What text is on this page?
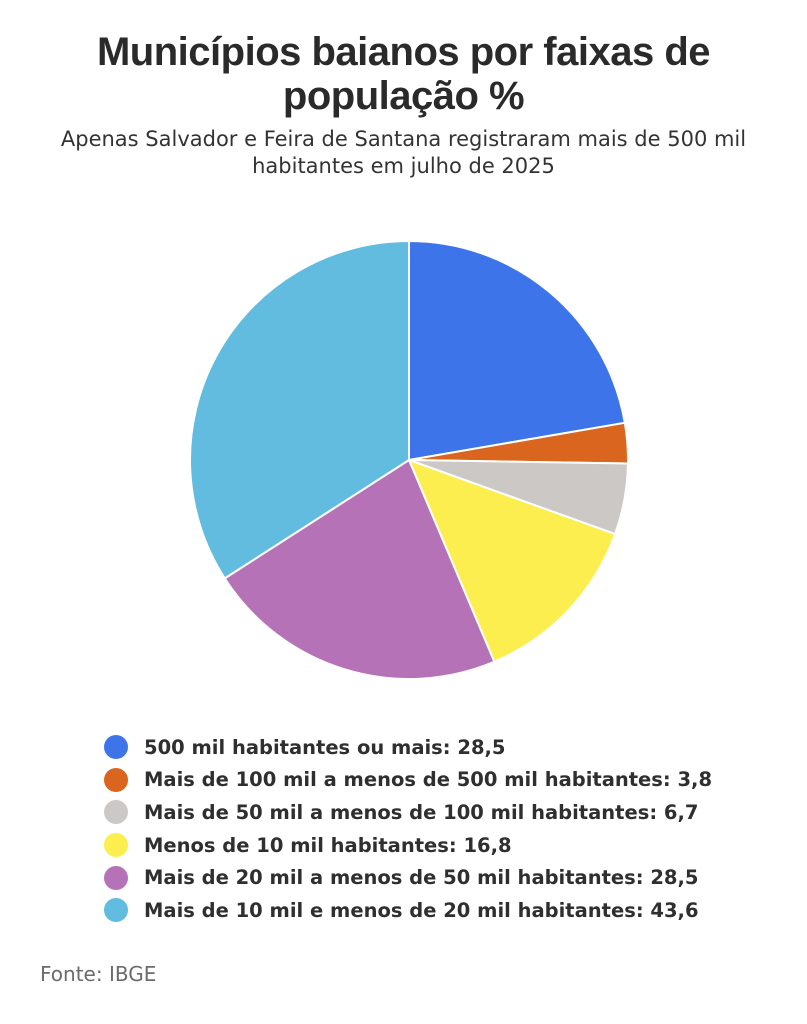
Municípios baianos por faixas de
população %
Apenas Salvador e Feira de Santana registraram mais de 500 mil
habitantes em julho de 2025
500 mil habitantes ou mais: 28,5
Mais de 100 mil a menos de 500 mil habitantes: 3,8
Mais de 50 mil a menos de 100 mil habitantes: 6,7
Menos de 10 mil habitantes: 16,8
Mais de 20 mil a menos de 50 mil habitantes: 28,5
Mais de 10 mil e menos de 20 mil habitantes: 43,6
Fonte: IBGE
